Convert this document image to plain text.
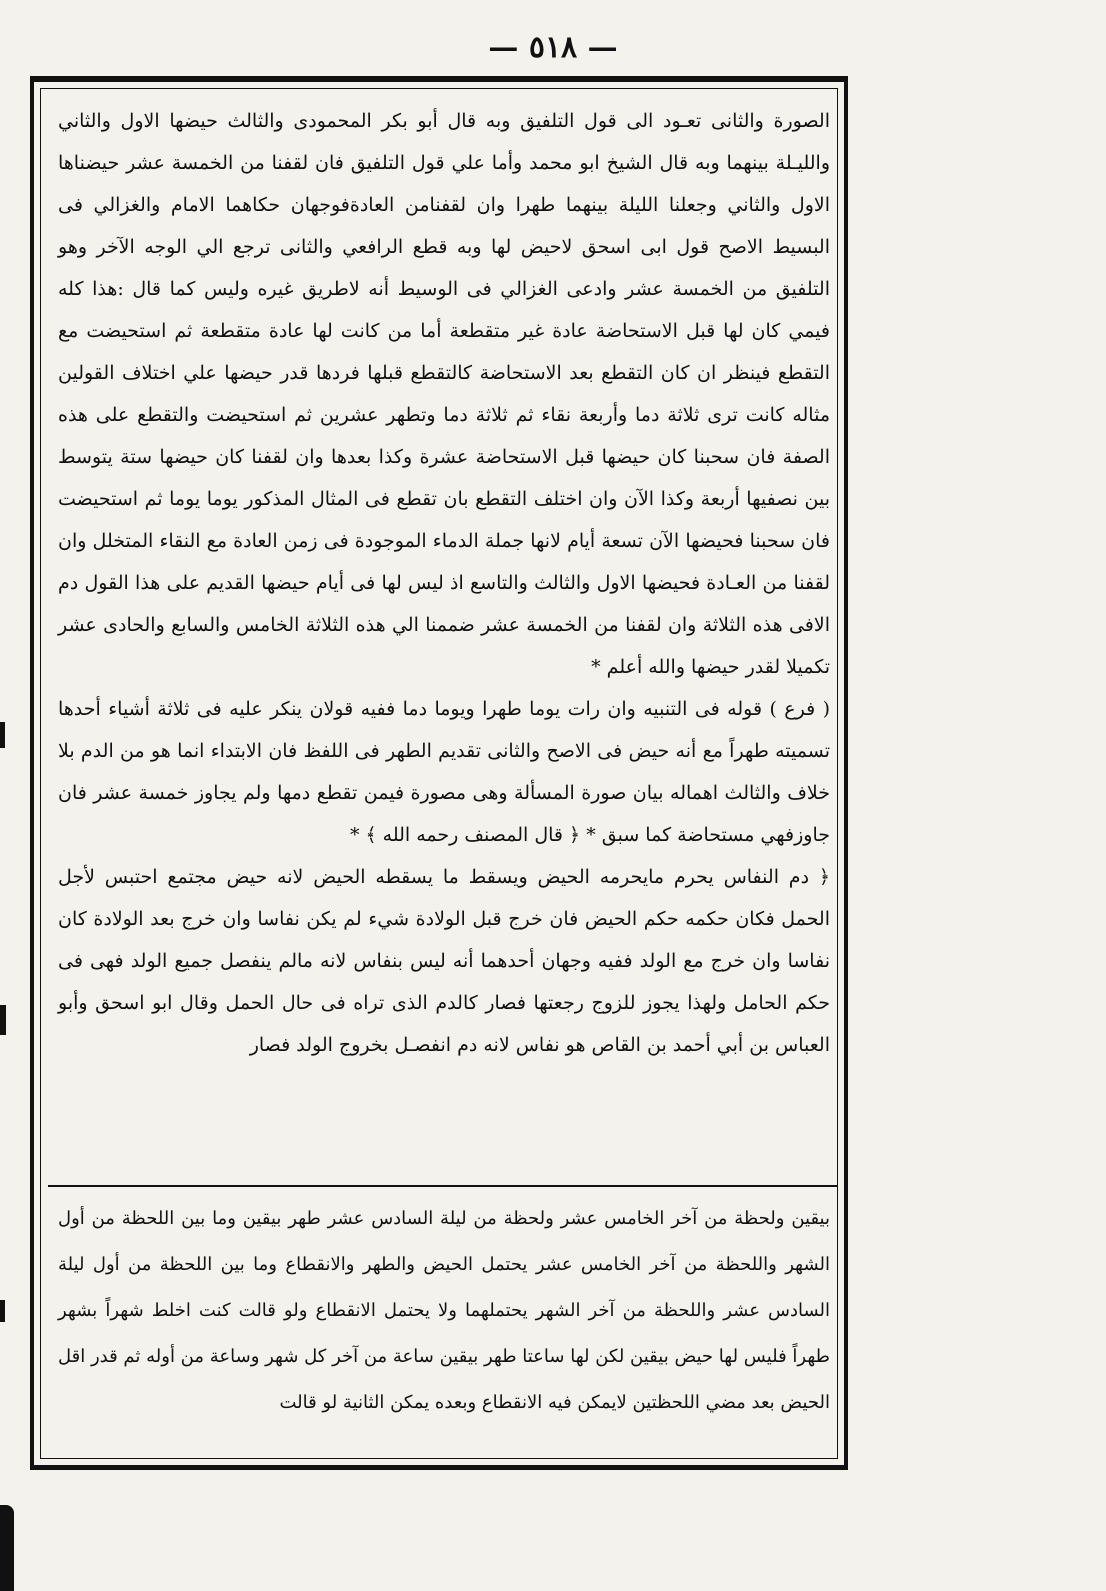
— ٥١٨ —

الصورة والثانى تعـود الى قول التلفيق وبه قال أبو بكر المحمودى والثالث حيضها الاول والثاني والليـلة بينهما وبه قال الشيخ ابو محمد وأما علي قول التلفيق فان لقفنا من الخمسة عشر حيضناها الاول والثاني وجعلنا الليلة بينهما طهرا وان لقفنامن العادةفوجهان حكاهما الامام والغزالي فى البسيط الاصح قول ابى اسحق لاحيض لها وبه قطع الرافعي والثانى ترجع الي الوجه الآخر وهو التلفيق من الخمسة عشر وادعى الغزالي فى الوسيط أنه لاطريق غيره وليس كما قال :هذا كله فيمي كان لها قبل الاستحاضة عادة غير متقطعة أما من كانت لها عادة متقطعة ثم استحيضت مع التقطع فينظر ان كان التقطع بعد الاستحاضة كالتقطع قبلها فردها قدر حيضها علي اختلاف القولين مثاله كانت ترى ثلاثة دما وأربعة نقاء ثم ثلاثة دما وتطهر عشرين ثم استحيضت والتقطع على هذه الصفة فان سحبنا كان حيضها قبل الاستحاضة عشرة وكذا بعدها وان لقفنا كان حيضها ستة يتوسط بين نصفيها أربعة وكذا الآن وان اختلف التقطع بان تقطع فى المثال المذكور يوما يوما ثم استحيضت فان سحبنا فحيضها الآن تسعة أيام لانها جملة الدماء الموجودة فى زمن العادة مع النقاء المتخلل وان لقفنا من العـادة فحيضها الاول والثالث والتاسع اذ ليس لها فى أيام حيضها القديم على هذا القول دم الافى هذه الثلاثة وان لقفنا من الخمسة عشر ضممنا الي هذه الثلاثة الخامس والسابع والحادى عشر تكميلا لقدر حيضها والله أعلم *

( فرع ) قوله فى التنبيه وان رات يوما طهرا ويوما دما ففيه قولان ينكر عليه فى ثلاثة أشياء أحدها تسميته طهراً مع أنه حيض فى الاصح والثانى تقديم الطهر فى اللفظ فان الابتداء انما هو من الدم بلا خلاف والثالث اهماله بيان صورة المسألة وهى مصورة فيمن تقطع دمها ولم يجاوز خمسة عشر فان جاوزفهي مستحاضة كما سبق * ﴿ قال المصنف رحمه الله ﴾ *

﴿ دم النفاس يحرم مايحرمه الحيض ويسقط ما يسقطه الحيض لانه حيض مجتمع احتبس لأجل الحمل فكان حكمه حكم الحيض فان خرج قبل الولادة شيء لم يكن نفاسا وان خرج بعد الولادة كان نفاسا وان خرج مع الولد ففيه وجهان أحدهما أنه ليس بنفاس لانه مالم ينفصل جميع الولد فهى فى حكم الحامل ولهذا يجوز للزوج رجعتها فصار كالدم الذى تراه فى حال الحمل وقال ابو اسحق وأبو العباس بن أبي أحمد بن القاص هو نفاس لانه دم انفصـل بخروج الولد فصار

بيقين ولحظة من آخر الخامس عشر ولحظة من ليلة السادس عشر طهر بيقين وما بين اللحظة من أول الشهر واللحظة من آخر الخامس عشر يحتمل الحيض والطهر والانقطاع وما بين اللحظة من أول ليلة السادس عشر واللحظة من آخر الشهر يحتملهما ولا يحتمل الانقطاع ولو قالت كنت اخلط شهراً بشهر طهراً فليس لها حيض بيقين لكن لها ساعتا طهر بيقين ساعة من آخر كل شهر وساعة من أوله ثم قدر اقل الحيض بعد مضي اللحظتين لايمكن فيه الانقطاع وبعده يمكن الثانية لو قالت
